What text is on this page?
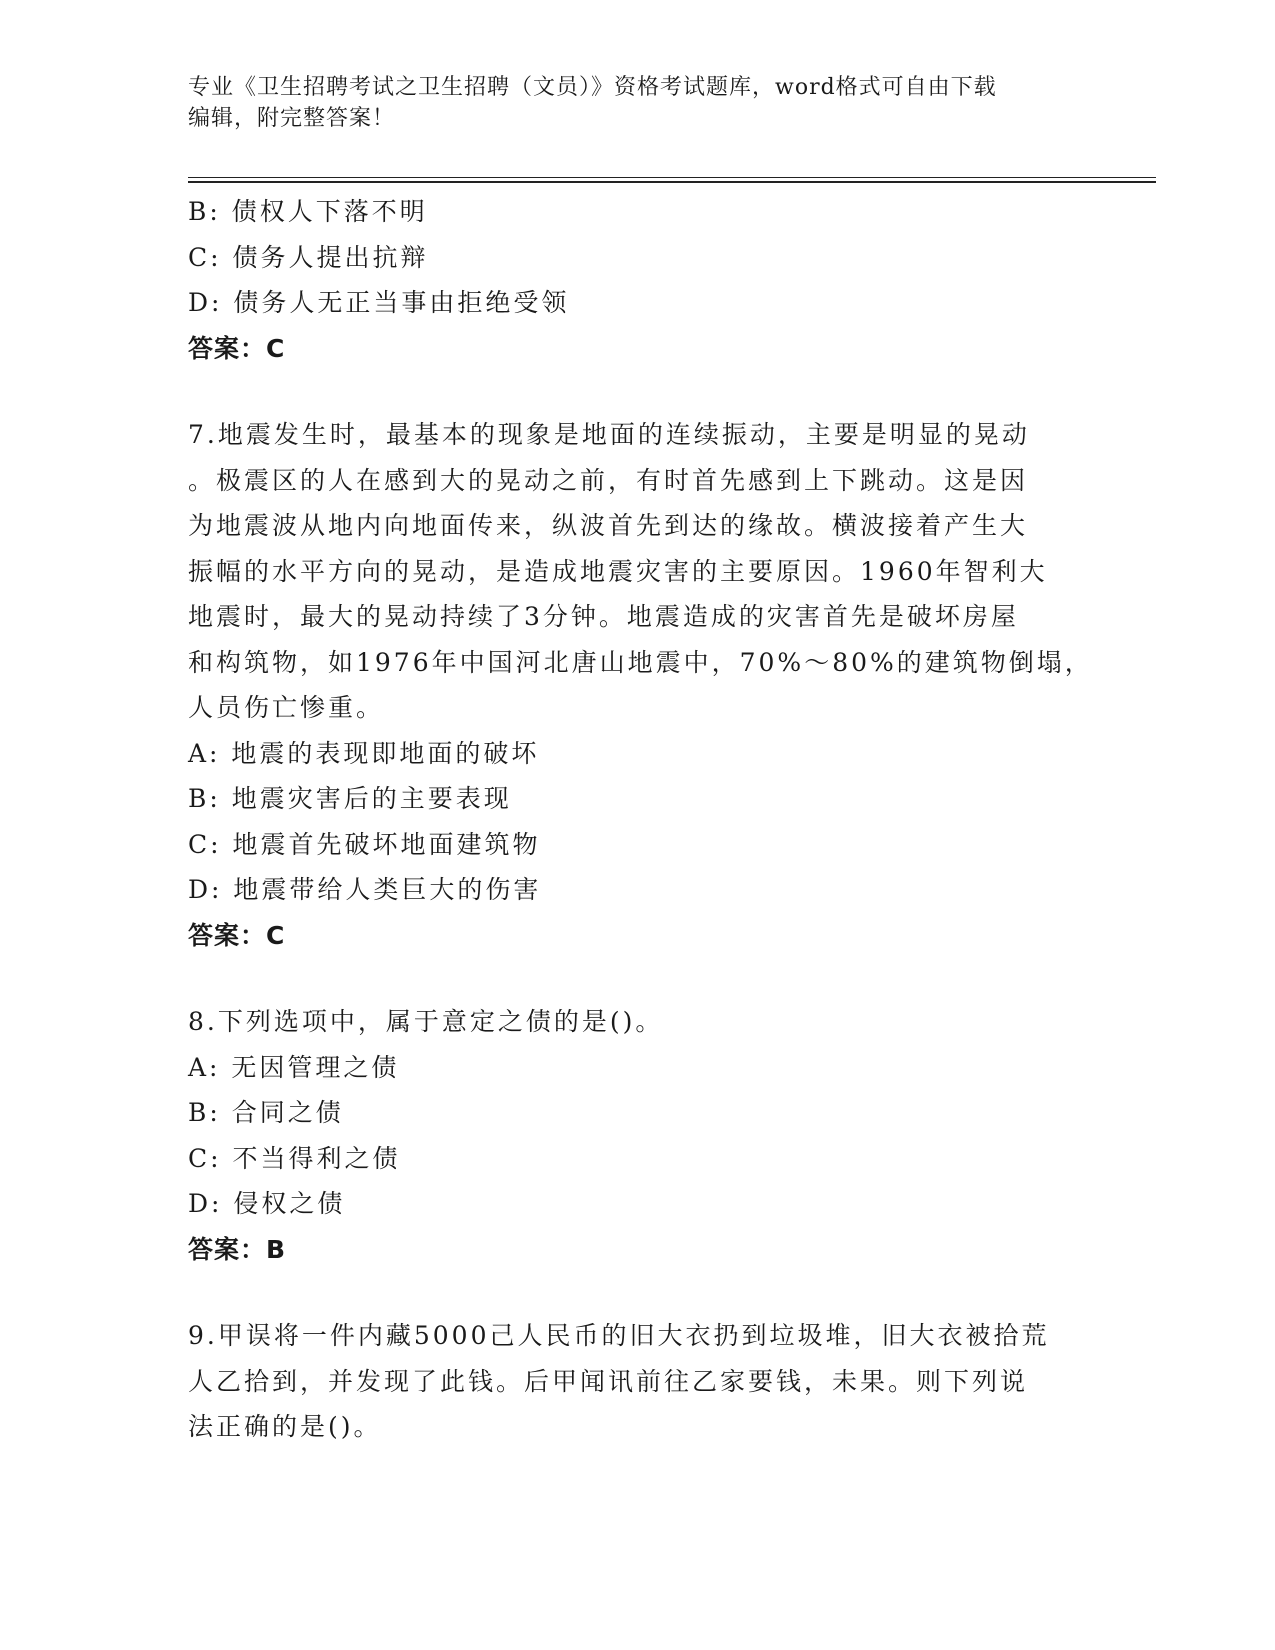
专业《卫生招聘考试之卫生招聘（文员）》资格考试题库，word格式可自由下载
编辑，附完整答案！
B: 债权人下落不明
C: 债务人提出抗辩
D: 债务人无正当事由拒绝受领
答案：C
7.地震发生时，最基本的现象是地面的连续振动，主要是明显的晃动
。极震区的人在感到大的晃动之前，有时首先感到上下跳动。这是因
为地震波从地内向地面传来，纵波首先到达的缘故。横波接着产生大
振幅的水平方向的晃动，是造成地震灾害的主要原因。1960年智利大
地震时，最大的晃动持续了3分钟。地震造成的灾害首先是破坏房屋
和构筑物，如1976年中国河北唐山地震中，70%～80%的建筑物倒塌，
人员伤亡惨重。
A: 地震的表现即地面的破坏
B: 地震灾害后的主要表现
C: 地震首先破坏地面建筑物
D: 地震带给人类巨大的伤害
答案：C
8.下列选项中，属于意定之债的是()。
A: 无因管理之债
B: 合同之债
C: 不当得利之债
D: 侵权之债
答案：B
9.甲误将一件内藏5000己人民币的旧大衣扔到垃圾堆，旧大衣被拾荒
人乙拾到，并发现了此钱。后甲闻讯前往乙家要钱，未果。则下列说
法正确的是()。
